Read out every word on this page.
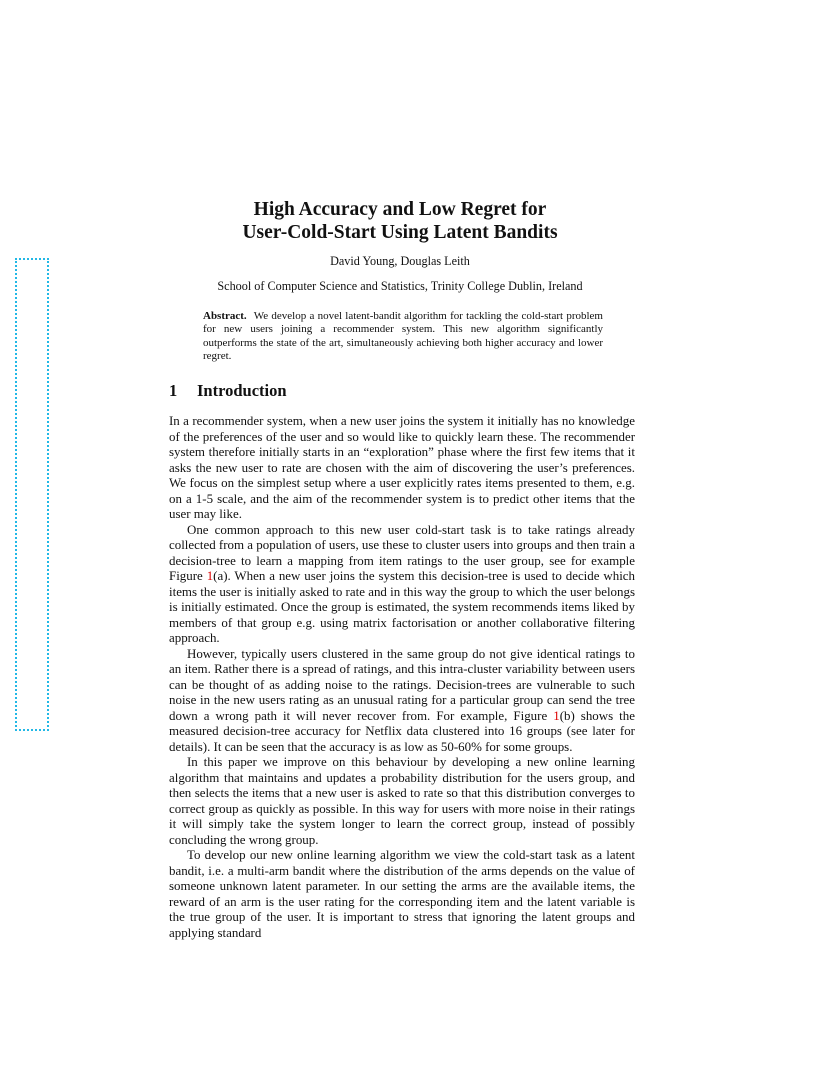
High Accuracy and Low Regret for
User-Cold-Start Using Latent Bandits
David Young, Douglas Leith
School of Computer Science and Statistics, Trinity College Dublin, Ireland
Abstract. We develop a novel latent-bandit algorithm for tackling the cold-start problem for new users joining a recommender system. This new algorithm significantly outperforms the state of the art, simultaneously achieving both higher accuracy and lower regret.
1 Introduction

In a recommender system, when a new user joins the system it initially has no knowledge of the preferences of the user and so would like to quickly learn these. The recommender system therefore initially starts in an “exploration” phase where the first few items that it asks the new user to rate are chosen with the aim of discovering the user’s preferences. We focus on the simplest setup where a user explicitly rates items presented to them, e.g. on a 1-5 scale, and the aim of the recommender system is to predict other items that the user may like.

One common approach to this new user cold-start task is to take ratings already collected from a population of users, use these to cluster users into groups and then train a decision-tree to learn a mapping from item ratings to the user group, see for example Figure 1(a). When a new user joins the system this decision-tree is used to decide which items the user is initially asked to rate and in this way the group to which the user belongs is initially estimated. Once the group is estimated, the system recommends items liked by members of that group e.g. using matrix factorisation or another collaborative filtering approach.

However, typically users clustered in the same group do not give identical ratings to an item. Rather there is a spread of ratings, and this intra-cluster variability between users can be thought of as adding noise to the ratings. Decision-trees are vulnerable to such noise in the new users rating as an unusual rating for a particular group can send the tree down a wrong path it will never recover from. For example, Figure 1(b) shows the measured decision-tree accuracy for Netflix data clustered into 16 groups (see later for details). It can be seen that the accuracy is as low as 50-60% for some groups.

In this paper we improve on this behaviour by developing a new online learning algorithm that maintains and updates a probability distribution for the users group, and then selects the items that a new user is asked to rate so that this distribution converges to correct group as quickly as possible. In this way for users with more noise in their ratings it will simply take the system longer to learn the correct group, instead of possibly concluding the wrong group.

To develop our new online learning algorithm we view the cold-start task as a latent bandit, i.e. a multi-arm bandit where the distribution of the arms depends on the value of someone unknown latent parameter. In our setting the arms are the available items, the reward of an arm is the user rating for the corresponding item and the latent variable is the true group of the user. It is important to stress that ignoring the latent groups and applying standard
